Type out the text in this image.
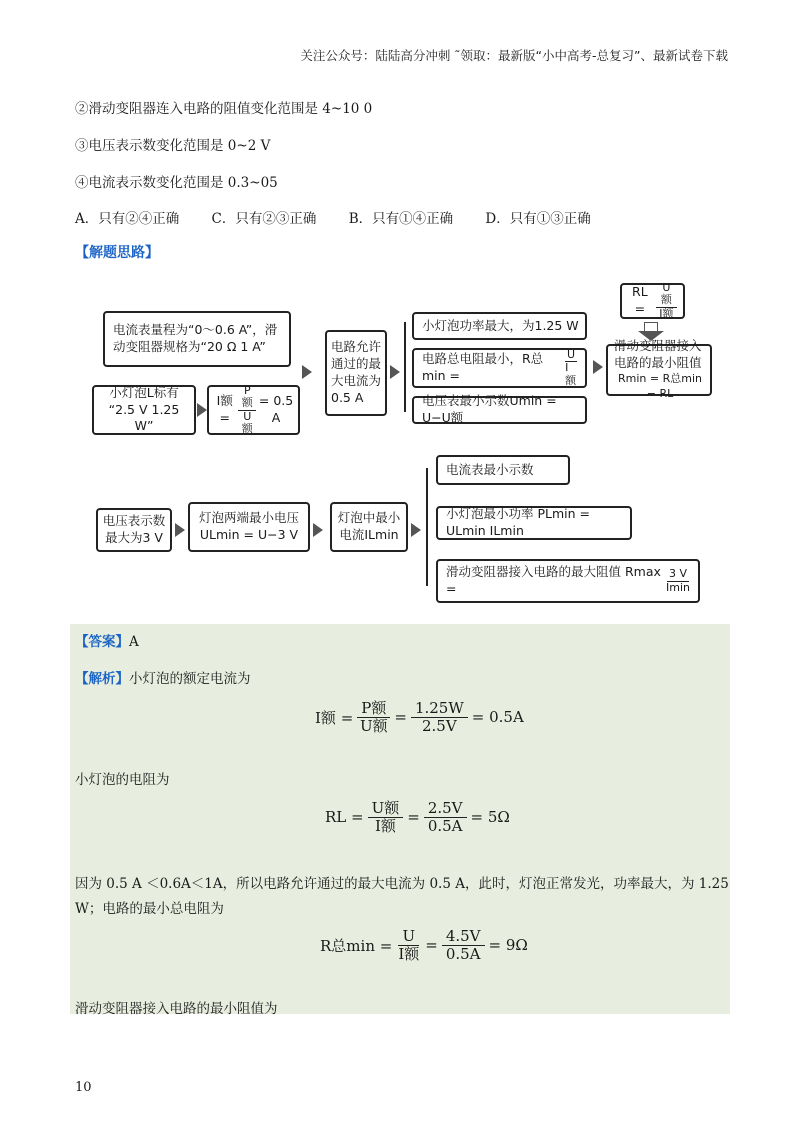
关注公众号：陆陆高分冲刺 ˜领取：最新版“小中高考-总复习”、最新试卷下载
②滑动变阻器连入电路的阻值变化范围是 4~10 0
③电压表示数变化范围是 0~2 V
④电流表示数变化范围是 0.3~05
A．只有②④正确 C．只有②③正确 B．只有①④正确 D．只有①③正确
【解题思路】
电流表量程为“0～0.6 A”，滑动变阻器规格为“20 Ω 1 A”
小灯泡L标有
“2.5 V 1.25 W”
I额 = $\frac{\text{P额}}{\text{U额}} = 0.5$ A
电路允许通过的最大电流为0.5 A
小灯泡功率最大，为1.25 W
电路总电阻最小，R总min =	$\frac{U}{\text{I额}}$
电压表最小示数Umin = U−U额
RL = $\frac{\text{U额}}{\text{I额}}$
滑动变阻器接入
电路的最小阻值
Rmin = R总min − RL
电压表示数最大为3 V
灯泡两端最小电压
ULmin = U−3 V
灯泡中最小电流ILmin
电流表最小示数
小灯泡最小功率 PLmin = ULmin ILmin
滑动变阻器接入电路的最大阻值 Rmax =	$\frac{3 V}{Imin}$
【答案】A
【解析】小灯泡的额定电流为
I额 = $\frac{\text{P额}}{\text{U额}} = \frac{1.25W}{2.5V} = 0.5A$
小灯泡的电阻为
RL = $\frac{\text{U额}}{\text{I额}} = \frac{2.5V}{0.5A} = 5\Omega$
因为 0.5 A ＜0.6A＜1A，所以电路允许通过的最大电流为 0.5 A，此时，灯泡正常发光，功率最大，为 1.25
W；电路的最小总电阻为
R总$\min = \frac{U}{\text{I额}} = \frac{4.5V}{0.5A} = 9\Omega$
滑动变阻器接入电路的最小阻值为
10
